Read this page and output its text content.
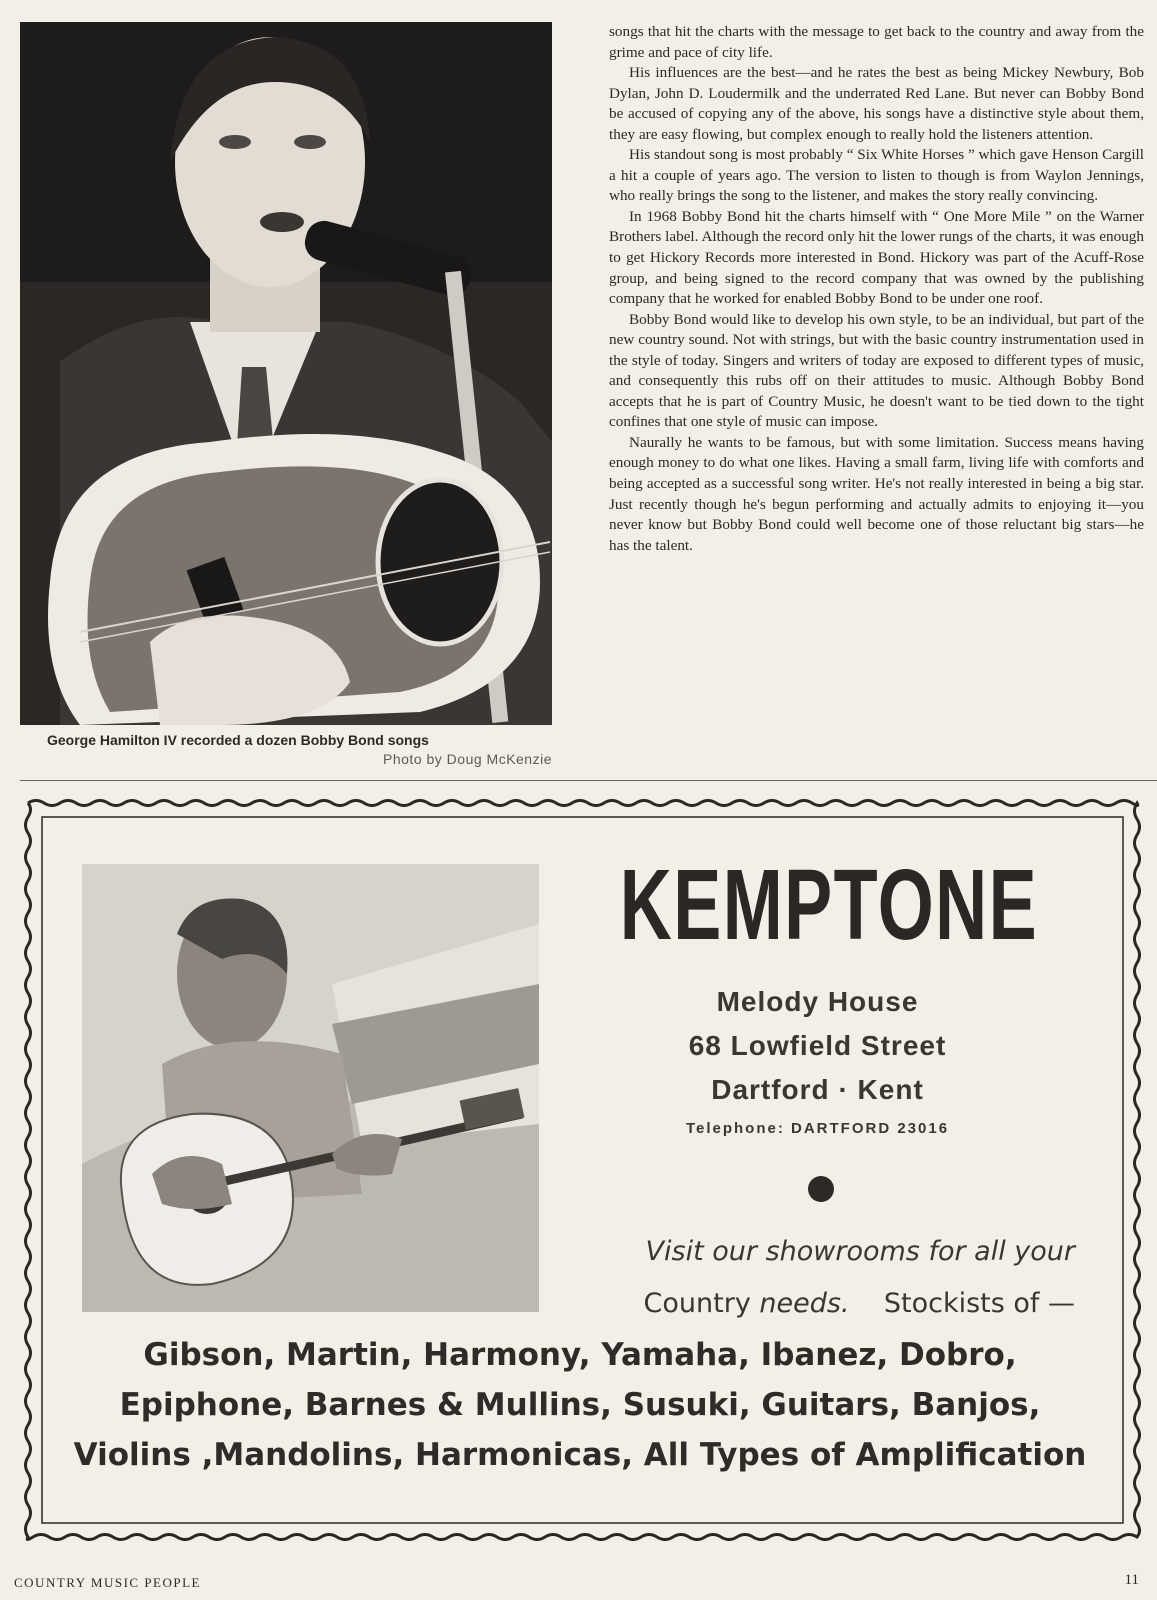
George Hamilton IV recorded a dozen Bobby Bond songs
Photo by Doug McKenzie

songs that hit the charts with the message to get back to the country and away from the grime and pace of city life.

His influences are the best—and he rates the best as being Mickey Newbury, Bob Dylan, John D. Loudermilk and the underrated Red Lane. But never can Bobby Bond be accused of copying any of the above, his songs have a distinctive style about them, they are easy flowing, but complex enough to really hold the listeners attention.

His standout song is most probably “ Six White Horses ” which gave Henson Cargill a hit a couple of years ago. The version to listen to though is from Waylon Jennings, who really brings the song to the listener, and makes the story really convincing.

In 1968 Bobby Bond hit the charts himself with “ One More Mile ” on the Warner Brothers label. Although the record only hit the lower rungs of the charts, it was enough to get Hickory Records more interested in Bond. Hickory was part of the Acuff-Rose group, and being signed to the record company that was owned by the publishing company that he worked for enabled Bobby Bond to be under one roof.

Bobby Bond would like to develop his own style, to be an individual, but part of the new country sound. Not with strings, but with the basic country instrumentation used in the style of today. Singers and writers of today are exposed to different types of music, and consequently this rubs off on their attitudes to music. Although Bobby Bond accepts that he is part of Country Music, he doesn't want to be tied down to the tight confines that one style of music can impose.

Naurally he wants to be famous, but with some limitation. Success means having enough money to do what one likes. Having a small farm, living life with comforts and being accepted as a successful song writer. He's not really interested in being a big star. Just recently though he's begun performing and actually admits to enjoying it—you never know but Bobby Bond could well become one of those reluctant big stars—he has the talent.

KEMPTONE
Melody House
68 Lowfield Street
Dartford · Kent
Telephone: DARTFORD 23016
Visit our showrooms for all your
Country needs. Stockists of —
Gibson, Martin, Harmony, Yamaha, Ibanez, Dobro,
Epiphone, Barnes & Mullins, Susuki, Guitars, Banjos,
Violins ,Mandolins, Harmonicas, All Types of Amplification
COUNTRY MUSIC PEOPLE	11
